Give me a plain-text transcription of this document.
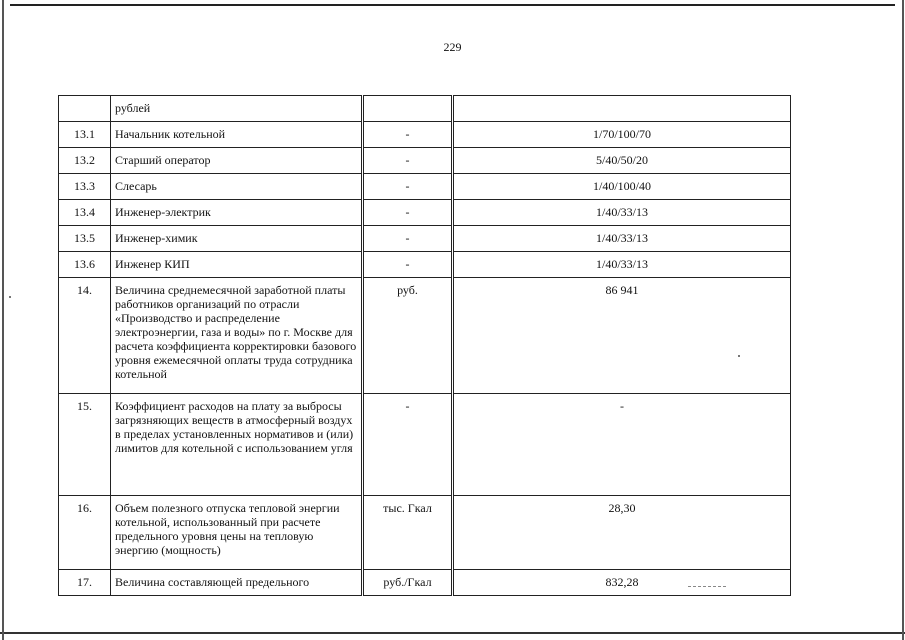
229
	рублей		
13.1	Начальник котельной	-	1/70/100/70
13.2	Старший оператор	-	5/40/50/20
13.3	Слесарь	-	1/40/100/40
13.4	Инженер-электрик	-	1/40/33/13
13.5	Инженер-химик	-	1/40/33/13
13.6	Инженер КИП	-	1/40/33/13
14.	Величина среднемесячной заработной платы работников организаций по отрасли «Производство и распределение электроэнергии, газа и воды» по г. Москве для расчета коэффициента корректировки базового уровня ежемесячной оплаты труда сотрудника котельной	руб.	86 941
15.	Коэффициент расходов на плату за выбросы загрязняющих веществ в атмосферный воздух в пределах установленных нормативов и (или) лимитов для котельной с использованием угля	-	-
16.	Объем полезного отпуска тепловой энергии котельной, использованный при расчете предельного уровня цены на тепловую энергию (мощность)	тыс. Гкал	28,30
17.	Величина составляющей предельного	руб./Гкал	832,28
